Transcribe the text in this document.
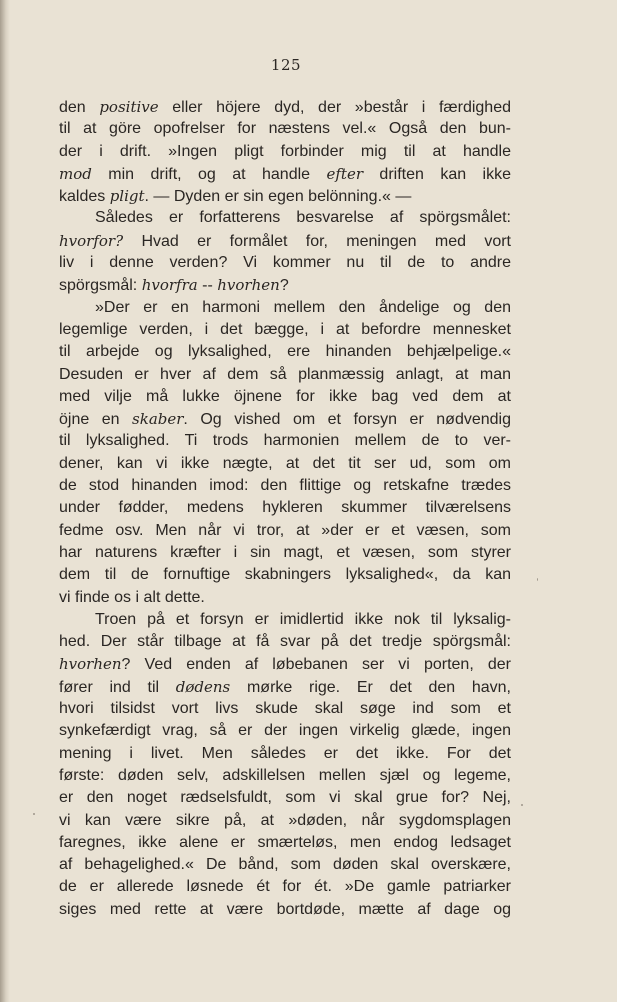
125
den positive eller höjere dyd, der »består i færdighed
til at göre opofrelser for næstens vel.« Også den bun-
der i drift. »Ingen pligt forbinder mig til at handle
mod min drift, og at handle efter driften kan ikke
kaldes pligt. — Dyden er sin egen belönning.« —
Således er forfatterens besvarelse af spörgsmålet:
hvorfor? Hvad er formålet for, meningen med vort
liv i denne verden? Vi kommer nu til de to andre
spörgsmål: hvorfra -- hvorhen?
»Der er en harmoni mellem den åndelige og den
legemlige verden, i det bægge, i at befordre mennesket
til arbejde og lyksalighed, ere hinanden behjælpelige.«
Desuden er hver af dem så planmæssig anlagt, at man
med vilje må lukke öjnene for ikke bag ved dem at
öjne en skaber. Og vished om et forsyn er nødvendig
til lyksalighed. Ti trods harmonien mellem de to ver-
dener, kan vi ikke nægte, at det tit ser ud, som om
de stod hinanden imod: den flittige og retskafne trædes
under fødder, medens hykleren skummer tilværelsens
fedme osv. Men når vi tror, at »der er et væsen, som
har naturens kræfter i sin magt, et væsen, som styrer
dem til de fornuftige skabningers lyksalighed«, da kan
vi finde os i alt dette.
Troen på et forsyn er imidlertid ikke nok til lyksalig-
hed. Der står tilbage at få svar på det tredje spörgsmål:
hvorhen? Ved enden af løbebanen ser vi porten, der
fører ind til dødens mørke rige. Er det den havn,
hvori tilsidst vort livs skude skal søge ind som et
synkefærdigt vrag, så er der ingen virkelig glæde, ingen
mening i livet. Men således er det ikke. For det
første: døden selv, adskillelsen mellen sjæl og legeme,
er den noget rædselsfuldt, som vi skal grue for? Nej,
vi kan være sikre på, at »døden, når sygdomsplagen
faregnes, ikke alene er smærteløs, men endog ledsaget
af behagelighed.« De bånd, som døden skal overskære,
de er allerede løsnede ét for ét. »De gamle patriarker
siges med rette at være bortdøde, mætte af dage og
